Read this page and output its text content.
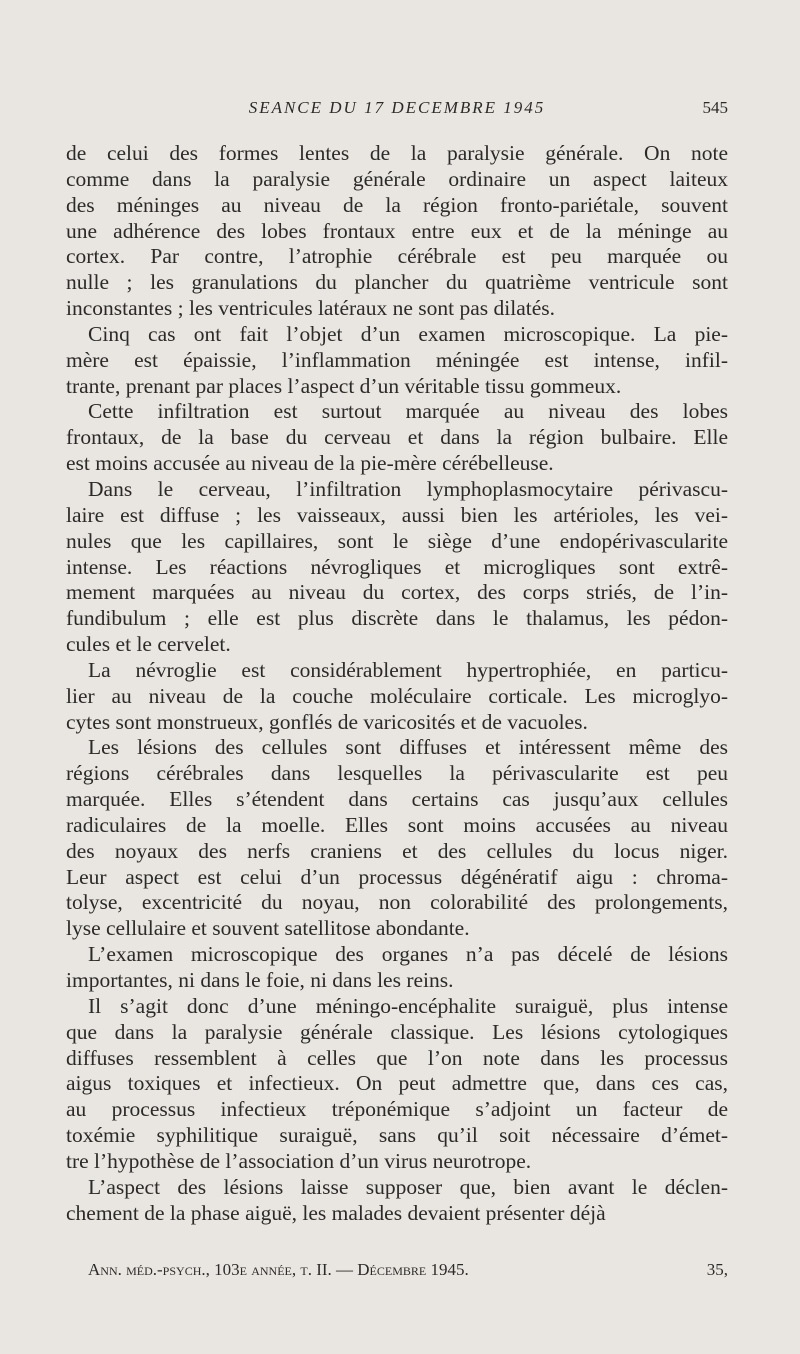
SEANCE DU 17 DECEMBRE 1945	545
de celui des formes lentes de la paralysie générale. On note
comme dans la paralysie générale ordinaire un aspect laiteux
des méninges au niveau de la région fronto-pariétale, souvent
une adhérence des lobes frontaux entre eux et de la méninge au
cortex. Par contre, l’atrophie cérébrale est peu marquée ou
nulle ; les granulations du plancher du quatrième ventricule sont
inconstantes ; les ventricules latéraux ne sont pas dilatés.
Cinq cas ont fait l’objet d’un examen microscopique. La pie-
mère est épaissie, l’inflammation méningée est intense, infil-
trante, prenant par places l’aspect d’un véritable tissu gommeux.
Cette infiltration est surtout marquée au niveau des lobes
frontaux, de la base du cerveau et dans la région bulbaire. Elle
est moins accusée au niveau de la pie-mère cérébelleuse.
Dans le cerveau, l’infiltration lymphoplasmocytaire périvascu-
laire est diffuse ; les vaisseaux, aussi bien les artérioles, les vei-
nules que les capillaires, sont le siège d’une endopérivascularite
intense. Les réactions névrogliques et microgliques sont extrê-
mement marquées au niveau du cortex, des corps striés, de l’in-
fundibulum ; elle est plus discrète dans le thalamus, les pédon-
cules et le cervelet.
La névroglie est considérablement hypertrophiée, en particu-
lier au niveau de la couche moléculaire corticale. Les microglyo-
cytes sont monstrueux, gonflés de varicosités et de vacuoles.
Les lésions des cellules sont diffuses et intéressent même des
régions cérébrales dans lesquelles la périvascularite est peu
marquée. Elles s’étendent dans certains cas jusqu’aux cellules
radiculaires de la moelle. Elles sont moins accusées au niveau
des noyaux des nerfs craniens et des cellules du locus niger.
Leur aspect est celui d’un processus dégénératif aigu : chroma-
tolyse, excentricité du noyau, non colorabilité des prolongements,
lyse cellulaire et souvent satellitose abondante.
L’examen microscopique des organes n’a pas décelé de lésions
importantes, ni dans le foie, ni dans les reins.
Il s’agit donc d’une méningo-encéphalite suraiguë, plus intense
que dans la paralysie générale classique. Les lésions cytologiques
diffuses ressemblent à celles que l’on note dans les processus
aigus toxiques et infectieux. On peut admettre que, dans ces cas,
au processus infectieux tréponémique s’adjoint un facteur de
toxémie syphilitique suraiguë, sans qu’il soit nécessaire d’émet-
tre l’hypothèse de l’association d’un virus neurotrope.
L’aspect des lésions laisse supposer que, bien avant le déclen-
chement de la phase aiguë, les malades devaient présenter déjà
Ann. méd.-psych., 103e année, t. II. — Décembre 1945.	35,
